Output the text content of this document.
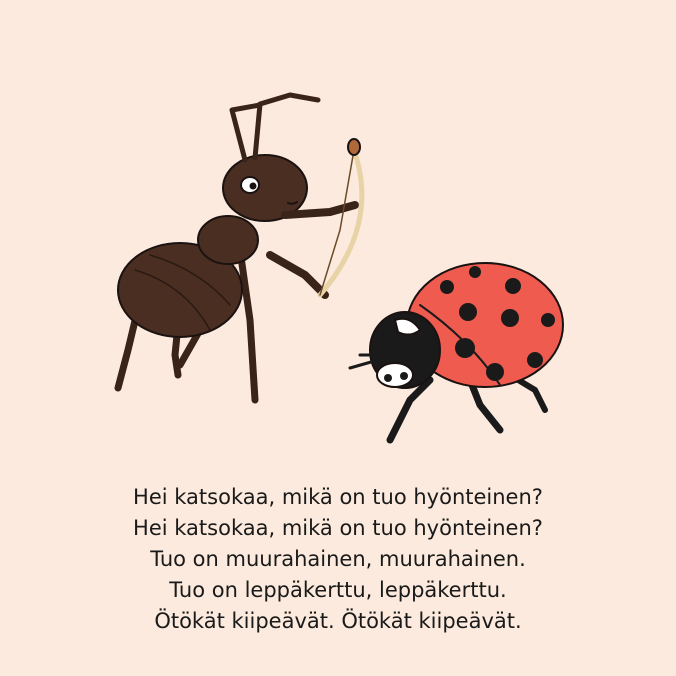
Hei katsokaa, mikä on tuo hyönteinen?
Hei katsokaa, mikä on tuo hyönteinen?
Tuo on muurahainen, muurahainen.
Tuo on leppäkerttu, leppäkerttu.
Ötökät kiipeävät. Ötökät kiipeävät.
